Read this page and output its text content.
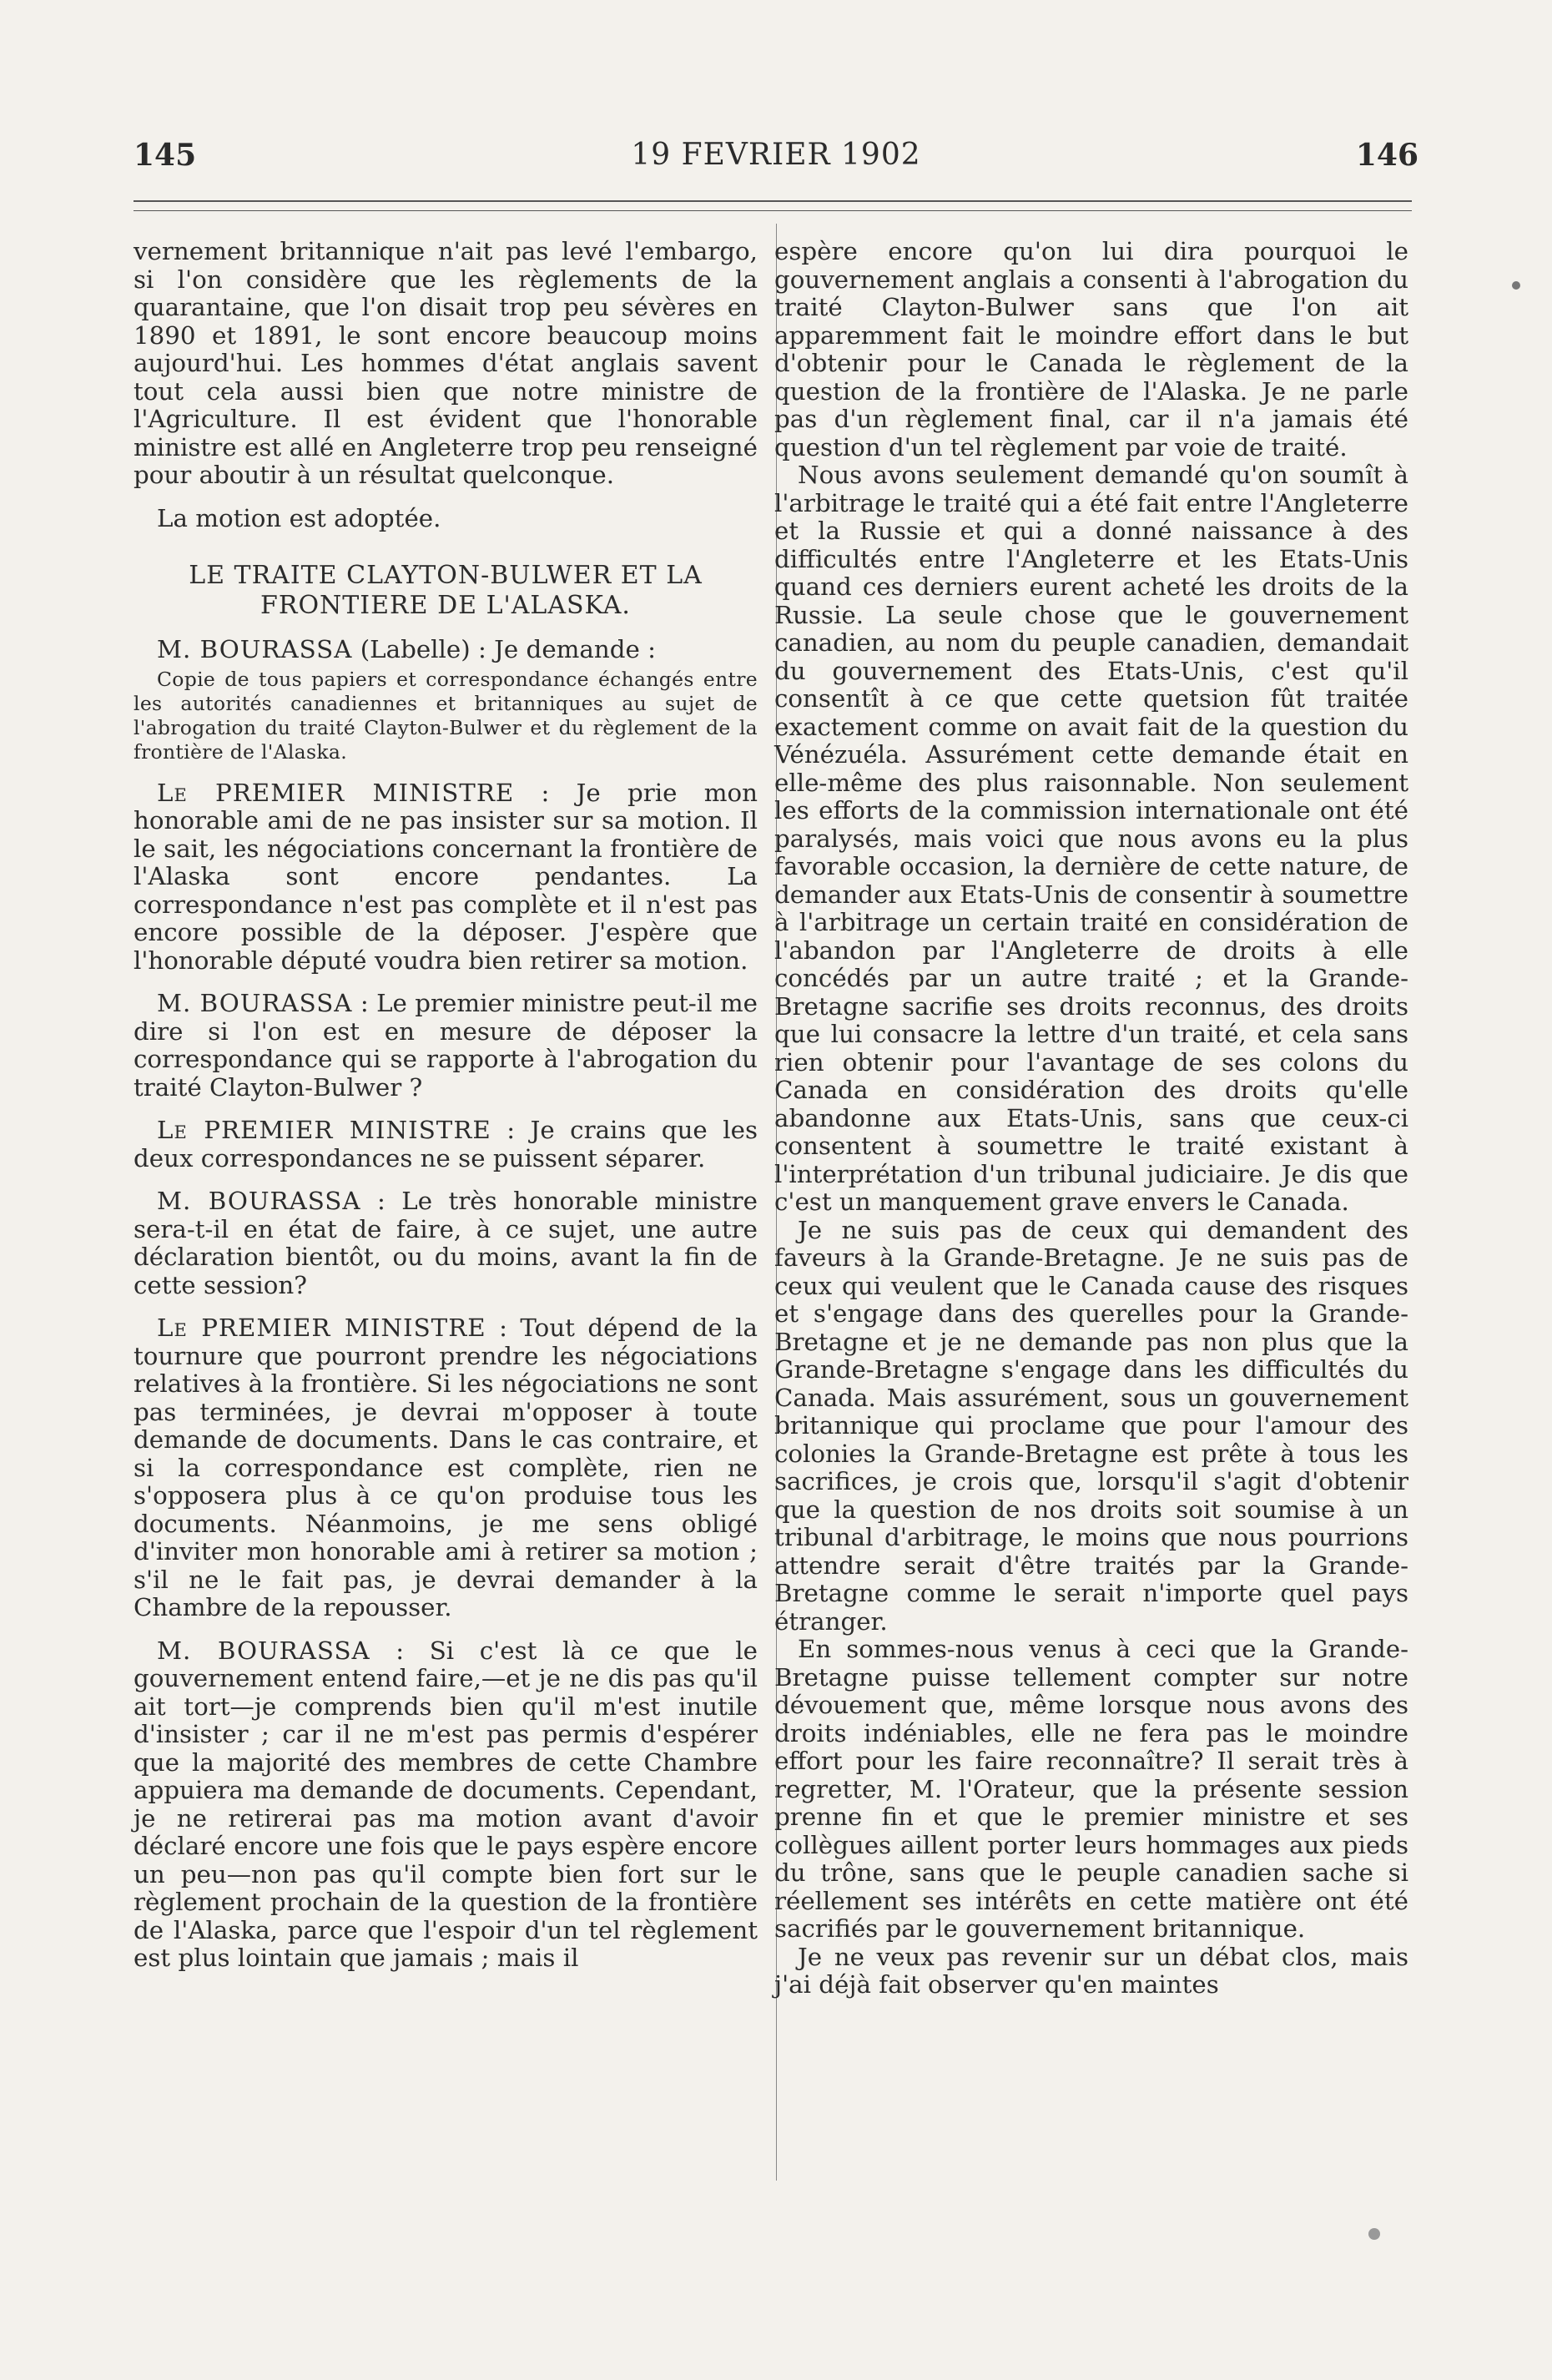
145	19 FEVRIER 1902	146

vernement britannique n'ait pas levé l'embargo, si l'on considère que les règlements de la quarantaine, que l'on disait trop peu sévères en 1890 et 1891, le sont encore beaucoup moins aujourd'hui. Les hommes d'état anglais savent tout cela aussi bien que notre ministre de l'Agriculture. Il est évident que l'honorable ministre est allé en Angleterre trop peu renseigné pour aboutir à un résultat quelconque.

La motion est adoptée.

LE TRAITE CLAYTON-BULWER ET LA FRONTIERE DE L'ALASKA.

M. BOURASSA (Labelle) : Je demande :

Copie de tous papiers et correspondance échangés entre les autorités canadiennes et britanniques au sujet de l'abrogation du traité Clayton-Bulwer et du règlement de la frontière de l'Alaska.

Le PREMIER MINISTRE : Je prie mon honorable ami de ne pas insister sur sa motion. Il le sait, les négociations concernant la frontière de l'Alaska sont encore pendantes. La correspondance n'est pas complète et il n'est pas encore possible de la déposer. J'espère que l'honorable député voudra bien retirer sa motion.

M. BOURASSA : Le premier ministre peut-il me dire si l'on est en mesure de déposer la correspondance qui se rapporte à l'abrogation du traité Clayton-Bulwer ?

Le PREMIER MINISTRE : Je crains que les deux correspondances ne se puissent séparer.

M. BOURASSA : Le très honorable ministre sera-t-il en état de faire, à ce sujet, une autre déclaration bientôt, ou du moins, avant la fin de cette session?

Le PREMIER MINISTRE : Tout dépend de la tournure que pourront prendre les négociations relatives à la frontière. Si les négociations ne sont pas terminées, je devrai m'opposer à toute demande de documents. Dans le cas contraire, et si la correspondance est complète, rien ne s'opposera plus à ce qu'on produise tous les documents. Néanmoins, je me sens obligé d'inviter mon honorable ami à retirer sa motion ; s'il ne le fait pas, je devrai demander à la Chambre de la repousser.

M. BOURASSA : Si c'est là ce que le gouvernement entend faire,—et je ne dis pas qu'il ait tort—je comprends bien qu'il m'est inutile d'insister ; car il ne m'est pas permis d'espérer que la majorité des membres de cette Chambre appuiera ma demande de documents. Cependant, je ne retirerai pas ma motion avant d'avoir déclaré encore une fois que le pays espère encore un peu—non pas qu'il compte bien fort sur le règlement prochain de la question de la frontière de l'Alaska, parce que l'espoir d'un tel règlement est plus lointain que jamais ; mais il

espère encore qu'on lui dira pourquoi le gouvernement anglais a consenti à l'abrogation du traité Clayton-Bulwer sans que l'on ait apparemment fait le moindre effort dans le but d'obtenir pour le Canada le règlement de la question de la frontière de l'Alaska. Je ne parle pas d'un règlement final, car il n'a jamais été question d'un tel règlement par voie de traité.

Nous avons seulement demandé qu'on soumît à l'arbitrage le traité qui a été fait entre l'Angleterre et la Russie et qui a donné naissance à des difficultés entre l'Angleterre et les Etats-Unis quand ces derniers eurent acheté les droits de la Russie. La seule chose que le gouvernement canadien, au nom du peuple canadien, demandait du gouvernement des Etats-Unis, c'est qu'il consentît à ce que cette quetsion fût traitée exactement comme on avait fait de la question du Vénézuéla. Assurément cette demande était en elle-même des plus raisonnable. Non seulement les efforts de la commission internationale ont été paralysés, mais voici que nous avons eu la plus favorable occasion, la dernière de cette nature, de demander aux Etats-Unis de consentir à soumettre à l'arbitrage un certain traité en considération de l'abandon par l'Angleterre de droits à elle concédés par un autre traité ; et la Grande-Bretagne sacrifie ses droits reconnus, des droits que lui consacre la lettre d'un traité, et cela sans rien obtenir pour l'avantage de ses colons du Canada en considération des droits qu'elle abandonne aux Etats-Unis, sans que ceux-ci consentent à soumettre le traité existant à l'interprétation d'un tribunal judiciaire. Je dis que c'est un manquement grave envers le Canada.

Je ne suis pas de ceux qui demandent des faveurs à la Grande-Bretagne. Je ne suis pas de ceux qui veulent que le Canada cause des risques et s'engage dans des querelles pour la Grande-Bretagne et je ne demande pas non plus que la Grande-Bretagne s'engage dans les difficultés du Canada. Mais assurément, sous un gouvernement britannique qui proclame que pour l'amour des colonies la Grande-Bretagne est prête à tous les sacrifices, je crois que, lorsqu'il s'agit d'obtenir que la question de nos droits soit soumise à un tribunal d'arbitrage, le moins que nous pourrions attendre serait d'être traités par la Grande-Bretagne comme le serait n'importe quel pays étranger.

En sommes-nous venus à ceci que la Grande-Bretagne puisse tellement compter sur notre dévouement que, même lorsque nous avons des droits indéniables, elle ne fera pas le moindre effort pour les faire reconnaître? Il serait très à regretter, M. l'Orateur, que la présente session prenne fin et que le premier ministre et ses collègues aillent porter leurs hommages aux pieds du trône, sans que le peuple canadien sache si réellement ses intérêts en cette matière ont été sacrifiés par le gouvernement britannique.

Je ne veux pas revenir sur un débat clos, mais j'ai déjà fait observer qu'en maintes
